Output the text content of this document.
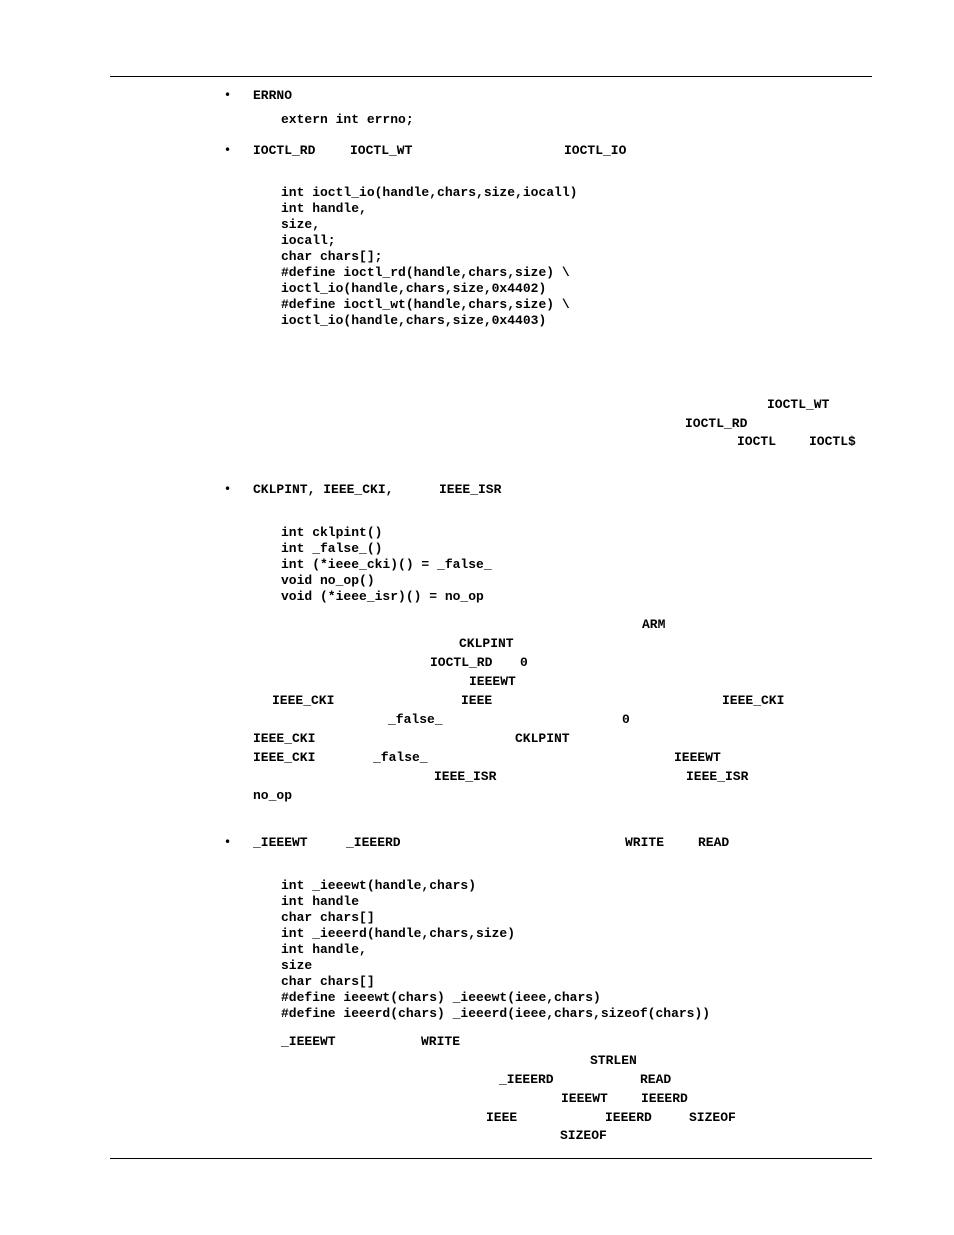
• ERRNO
extern int errno;
• IOCTL_RD	IOCTL_WT	IOCTL_IO
int ioctl_io(handle,chars,size,iocall)
int handle,
size,
iocall;
char chars[];
#define ioctl_rd(handle,chars,size) \
ioctl_io(handle,chars,size,0x4402)
#define ioctl_wt(handle,chars,size) \
ioctl_io(handle,chars,size,0x4403)
IOCTL_WT
IOCTL_RD
IOCTL	IOCTL$
• CKLPINT, IEEE_CKI,	IEEE_ISR
int cklpint()
int _false_()
int (*ieee_cki)() = _false_
void no_op()
void (*ieee_isr)() = no_op
ARM
CKLPINT
IOCTL_RD 0
IEEEWT
IEEE_CKI	IEEE	IEEE_CKI
_false_	0
IEEE_CKI	CKLPINT
IEEE_CKI	_false_	IEEEWT
IEEE_ISR	IEEE_ISR
no_op
• _IEEEWT	_IEEERD	WRITE	READ
int _ieeewt(handle,chars)
int handle
char chars[]
int _ieeerd(handle,chars,size)
int handle,
size
char chars[]
#define ieeewt(chars) _ieeewt(ieee,chars)
#define ieeerd(chars) _ieeerd(ieee,chars,sizeof(chars))
_IEEEWT	WRITE
STRLEN
_IEEERD	READ
IEEEWT	IEEERD
IEEE	IEEERD	SIZEOF
SIZEOF
